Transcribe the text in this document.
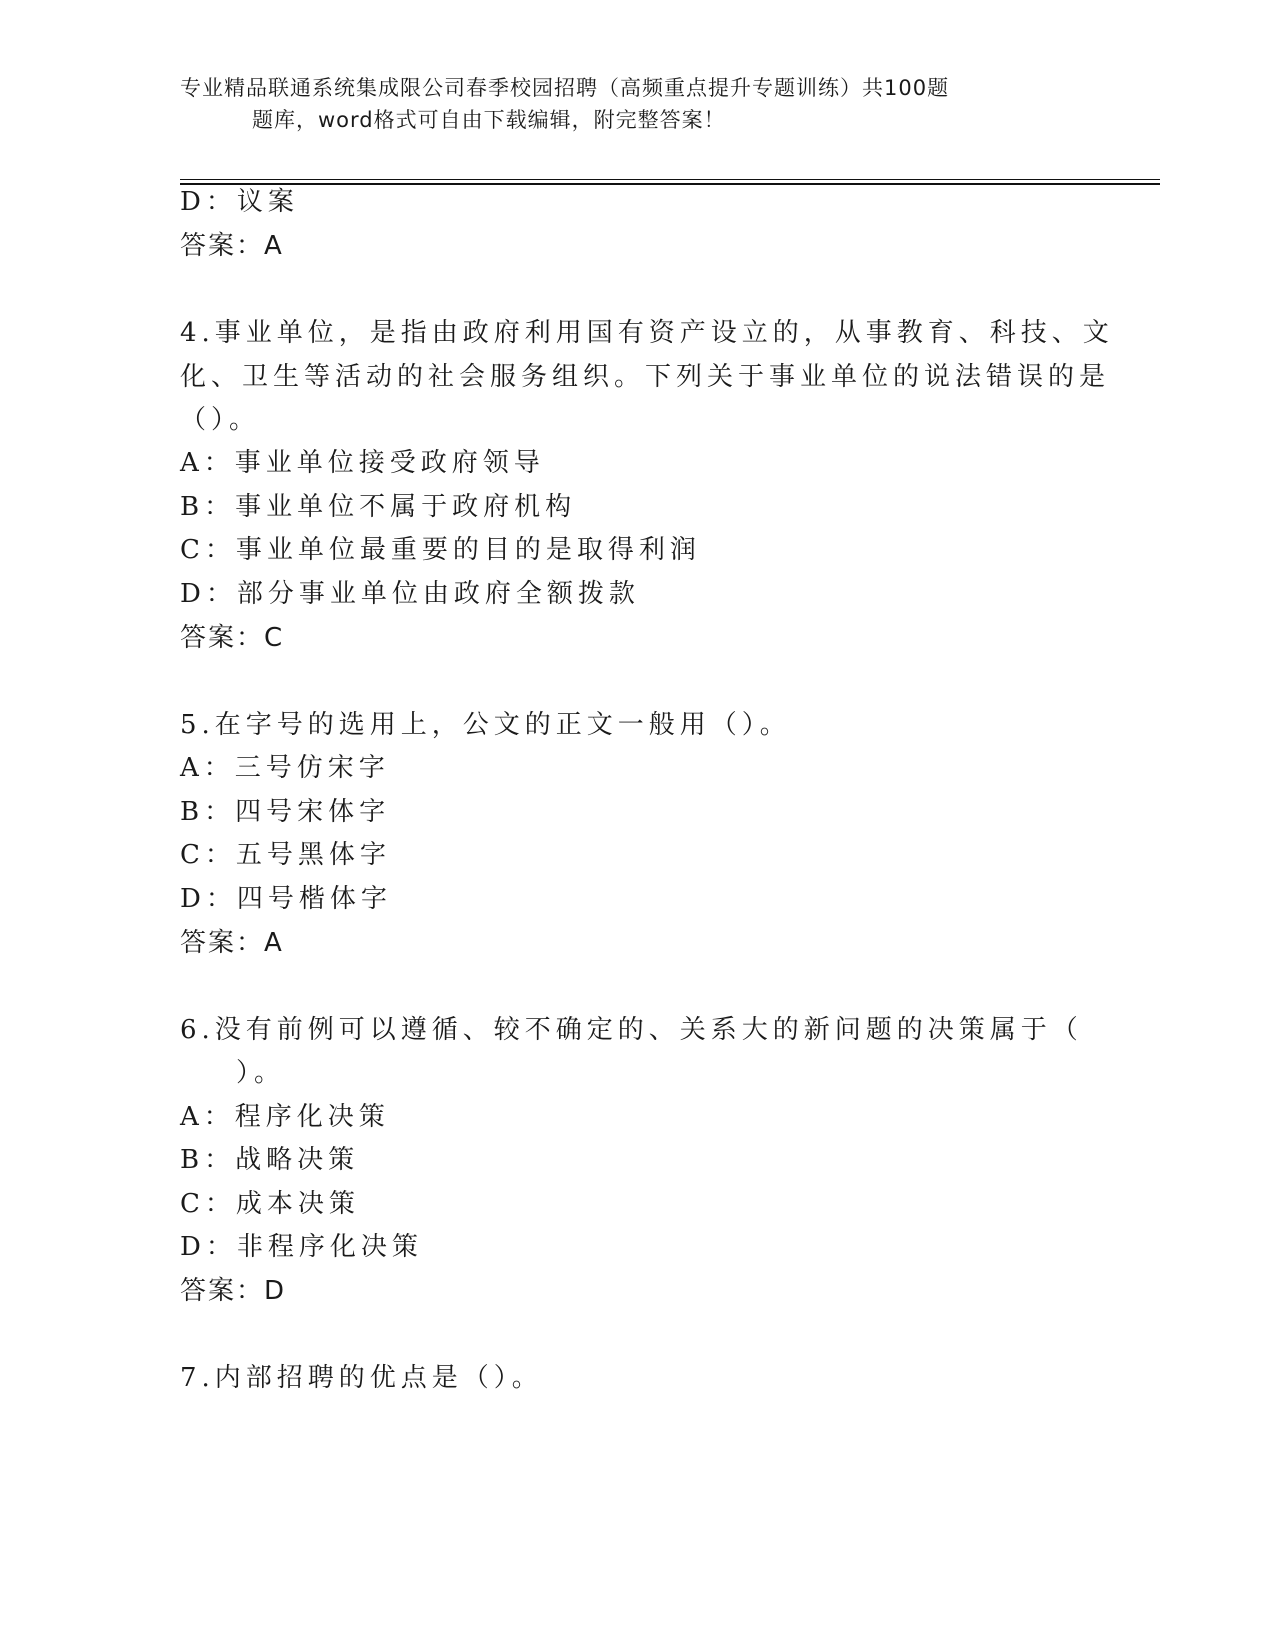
专业精品联通系统集成限公司春季校园招聘（高频重点提升专题训练）共100题
题库，word格式可自由下载编辑，附完整答案！
D：议案
答案：A
4.事业单位，是指由政府利用国有资产设立的，从事教育、科技、文
化、卫生等活动的社会服务组织。下列关于事业单位的说法错误的是
（）。
A：事业单位接受政府领导
B：事业单位不属于政府机构
C：事业单位最重要的目的是取得利润
D：部分事业单位由政府全额拨款
答案：C
5.在字号的选用上，公文的正文一般用（）。
A：三号仿宋字
B：四号宋体字
C：五号黑体字
D：四号楷体字
答案：A
6.没有前例可以遵循、较不确定的、关系大的新问题的决策属于（
）。
A：程序化决策
B：战略决策
C：成本决策
D：非程序化决策
答案：D
7.内部招聘的优点是（）。
